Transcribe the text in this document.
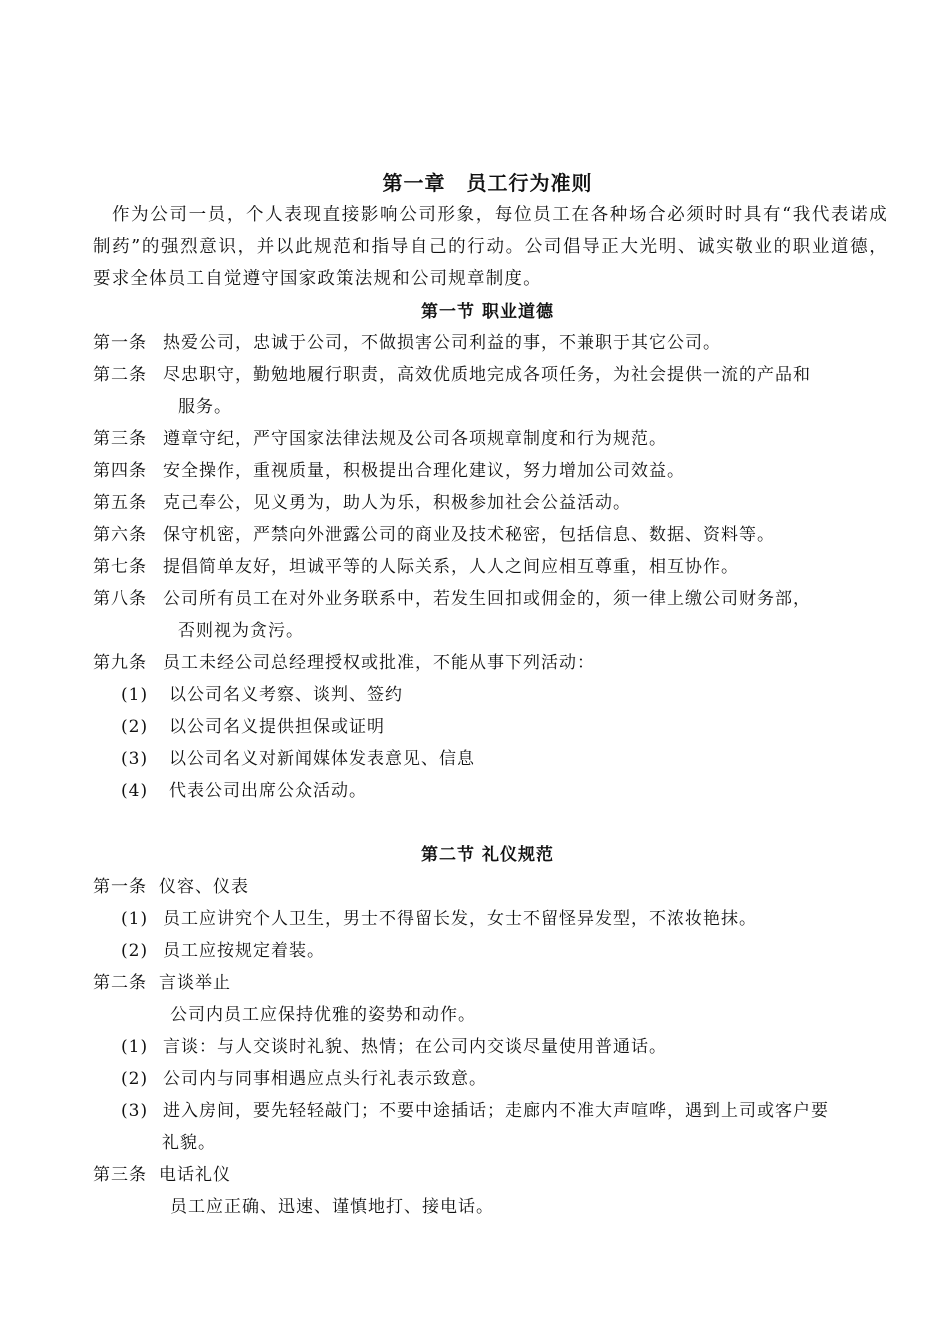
第一章　员工行为准则
作为公司一员，个人表现直接影响公司形象，每位员工在各种场合必须时时具有“我代表诺成制药”的强烈意识，并以此规范和指导自己的行动。公司倡导正大光明、诚实敬业的职业道德，要求全体员工自觉遵守国家政策法规和公司规章制度。
第一节 职业道德
第一条 热爱公司，忠诚于公司，不做损害公司利益的事，不兼职于其它公司。
第二条 尽忠职守，勤勉地履行职责，高效优质地完成各项任务，为社会提供一流的产品和
服务。
第三条 遵章守纪，严守国家法律法规及公司各项规章制度和行为规范。
第四条 安全操作，重视质量，积极提出合理化建议，努力增加公司效益。
第五条 克己奉公，见义勇为，助人为乐，积极参加社会公益活动。
第六条 保守机密，严禁向外泄露公司的商业及技术秘密，包括信息、数据、资料等。
第七条 提倡简单友好，坦诚平等的人际关系，人人之间应相互尊重，相互协作。
第八条 公司所有员工在对外业务联系中，若发生回扣或佣金的，须一律上缴公司财务部，
否则视为贪污。
第九条 员工未经公司总经理授权或批准，不能从事下列活动：
(1) 以公司名义考察、谈判、签约
(2) 以公司名义提供担保或证明
(3) 以公司名义对新闻媒体发表意见、信息
(4) 代表公司出席公众活动。
第二节 礼仪规范
第一条 仪容、仪表
(1) 员工应讲究个人卫生，男士不得留长发，女士不留怪异发型，不浓妆艳抹。
(2) 员工应按规定着装。
第二条 言谈举止
公司内员工应保持优雅的姿势和动作。
(1) 言谈：与人交谈时礼貌、热情；在公司内交谈尽量使用普通话。
(2) 公司内与同事相遇应点头行礼表示致意。
(3) 进入房间，要先轻轻敲门；不要中途插话；走廊内不准大声喧哗，遇到上司或客户要
礼貌。
第三条 电话礼仪
员工应正确、迅速、谨慎地打、接电话。
